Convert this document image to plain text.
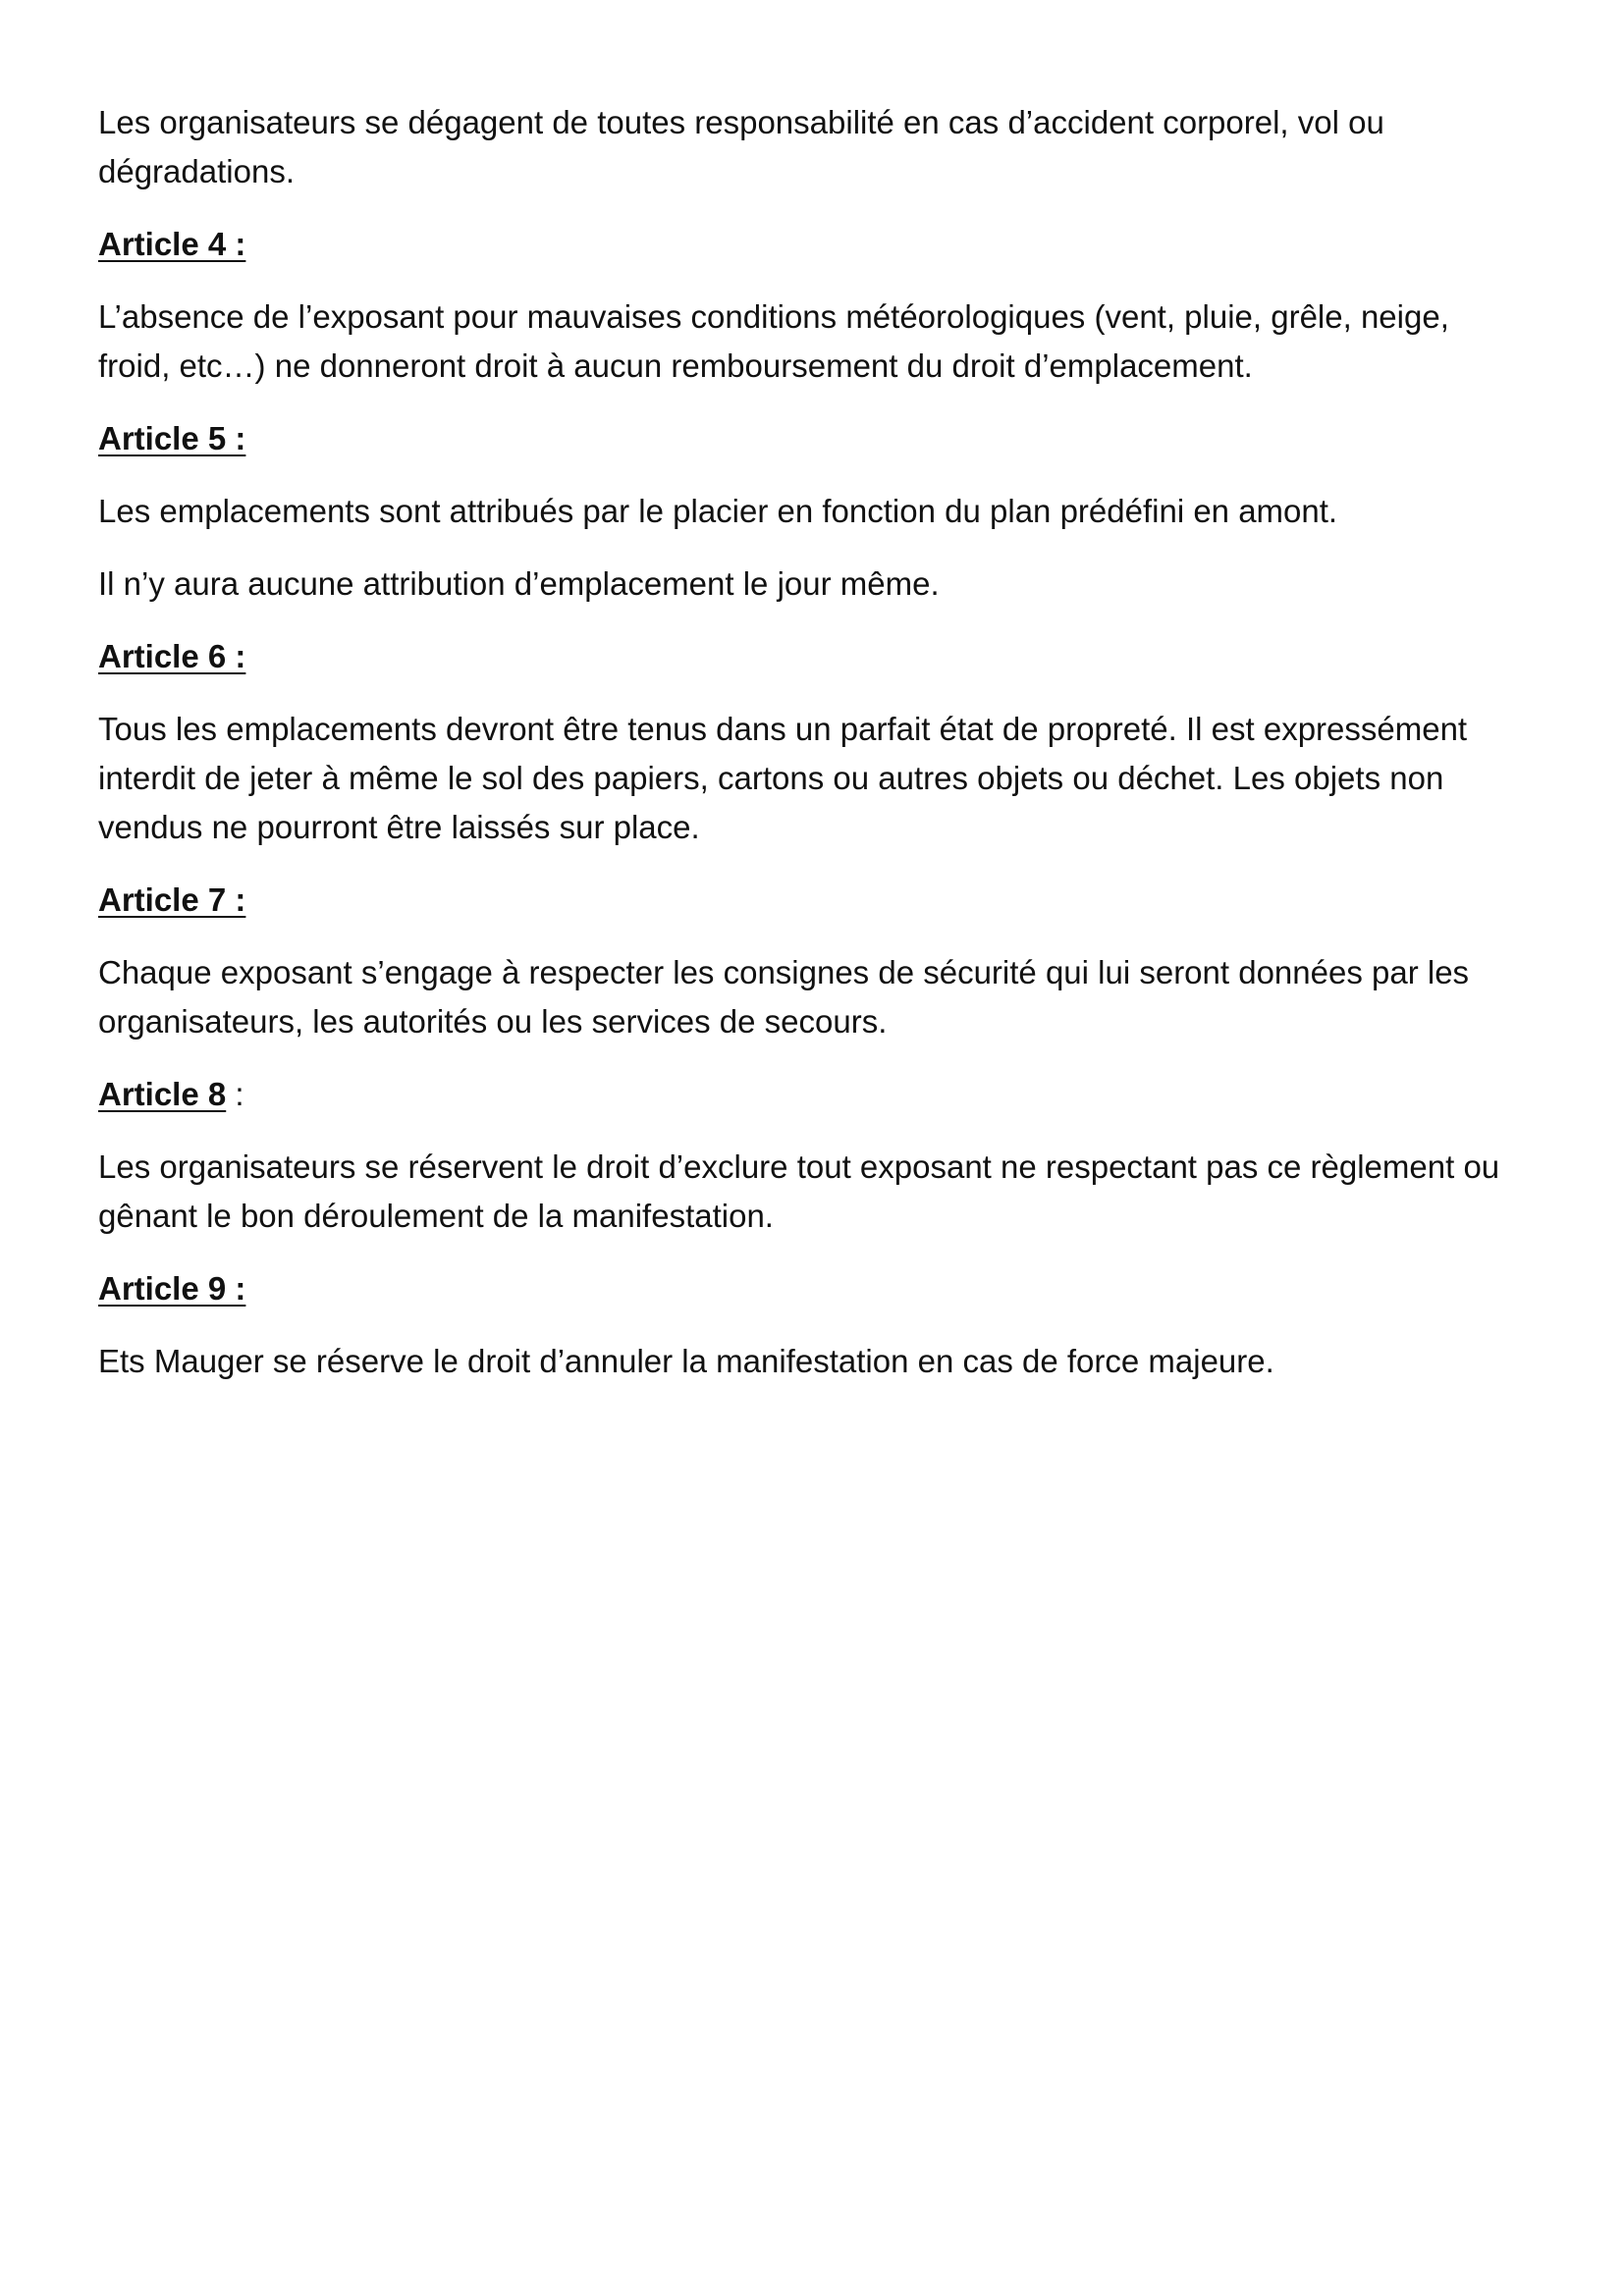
Les organisateurs se dégagent de toutes responsabilité en cas d’accident corporel, vol ou dégradations.

Article 4 :

L’absence de l’exposant pour mauvaises conditions météorologiques (vent, pluie, grêle, neige, froid, etc…) ne donneront droit à aucun remboursement du droit d’emplacement.

Article 5 :

Les emplacements sont attribués par le placier en fonction du plan prédéfini en amont.

Il n’y aura aucune attribution d’emplacement le jour même.

Article 6 :

Tous les emplacements devront être tenus dans un parfait état de propreté. Il est expressément interdit de jeter à même le sol des papiers, cartons ou autres objets ou déchet. Les objets non vendus ne pourront être laissés sur place.

Article 7 :

Chaque exposant s’engage à respecter les consignes de sécurité qui lui seront données par les organisateurs, les autorités ou les services de secours.

Article 8 :

Les organisateurs se réservent le droit d’exclure tout exposant ne respectant pas ce règlement ou gênant le bon déroulement de la manifestation.

Article 9 :

Ets Mauger se réserve le droit d’annuler la manifestation en cas de force majeure.
